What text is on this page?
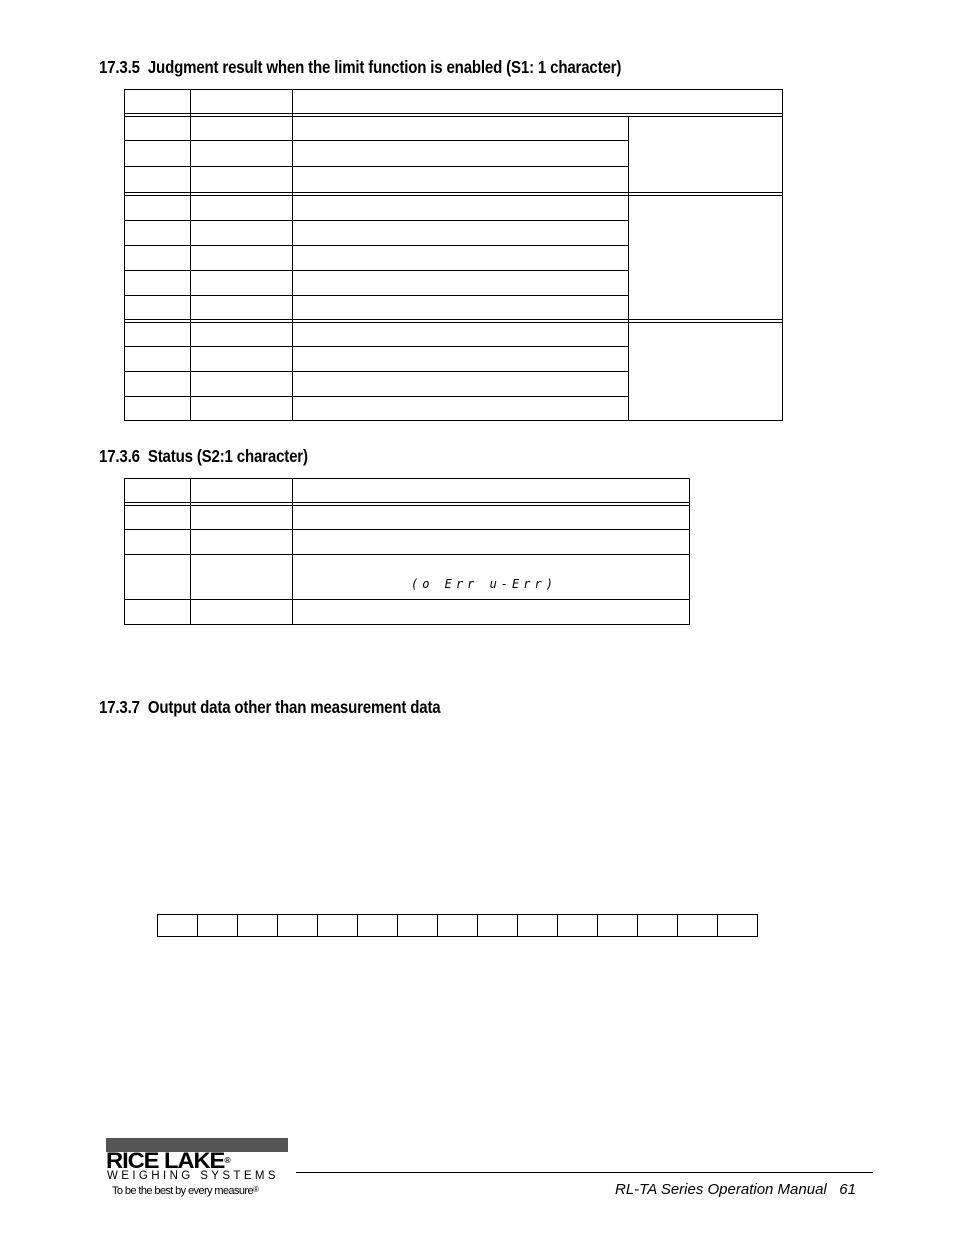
17.3.5 Judgment result when the limit function is enabled (S1: 1 character)
17.3.6 Status (S2:1 character)
17.3.7 Output data other than measurement data
(o Err u-Err)
RICE LAKE®
WEIGHING SYSTEMS
To be the best by every measure®	RL-TA Series Operation Manual 61
